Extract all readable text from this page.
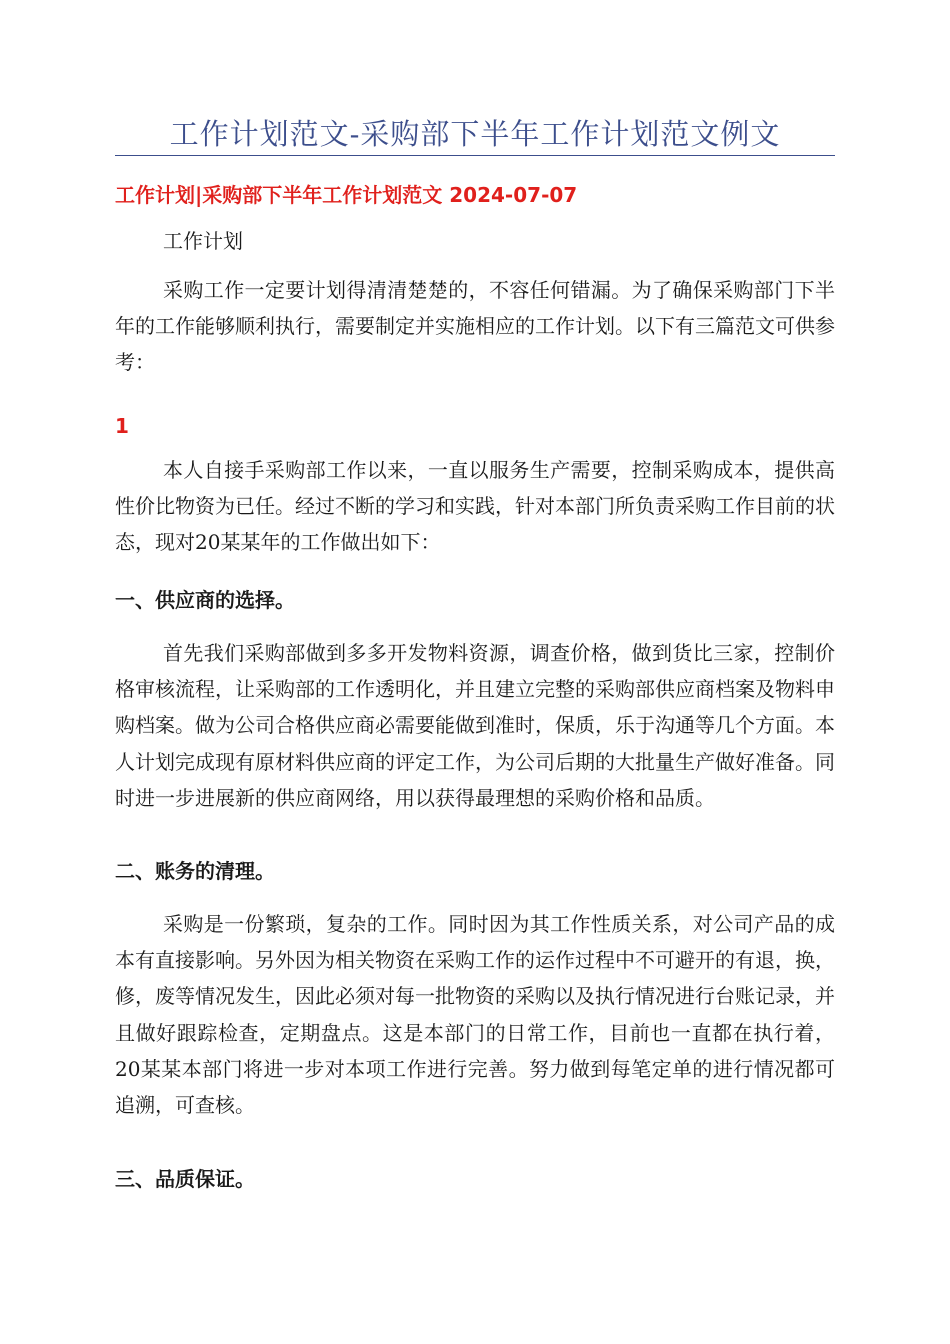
工作计划范文-采购部下半年工作计划范文例文
工作计划|采购部下半年工作计划范文 2024-07-07
工作计划

采购工作一定要计划得清清楚楚的，不容任何错漏。为了确保采购部门下半年的工作能够顺利执行，需要制定并实施相应的工作计划。以下有三篇范文可供参考：

1

本人自接手采购部工作以来，一直以服务生产需要，控制采购成本，提供高性价比物资为已任。经过不断的学习和实践，针对本部门所负责采购工作目前的状态，现对20某某年的工作做出如下：

一、供应商的选择。

首先我们采购部做到多多开发物料资源，调查价格，做到货比三家，控制价格审核流程，让采购部的工作透明化，并且建立完整的采购部供应商档案及物料申购档案。做为公司合格供应商必需要能做到准时，保质，乐于沟通等几个方面。本人计划完成现有原材料供应商的评定工作，为公司后期的大批量生产做好准备。同时进一步进展新的供应商网络，用以获得最理想的采购价格和品质。

二、账务的清理。

采购是一份繁琐，复杂的工作。同时因为其工作性质关系，对公司产品的成本有直接影响。另外因为相关物资在采购工作的运作过程中不可避开的有退，换，修，废等情况发生，因此必须对每一批物资的采购以及执行情况进行台账记录，并且做好跟踪检查，定期盘点。这是本部门的日常工作，目前也一直都在执行着，20某某本部门将进一步对本项工作进行完善。努力做到每笔定单的进行情况都可追溯，可查核。

三、品质保证。
